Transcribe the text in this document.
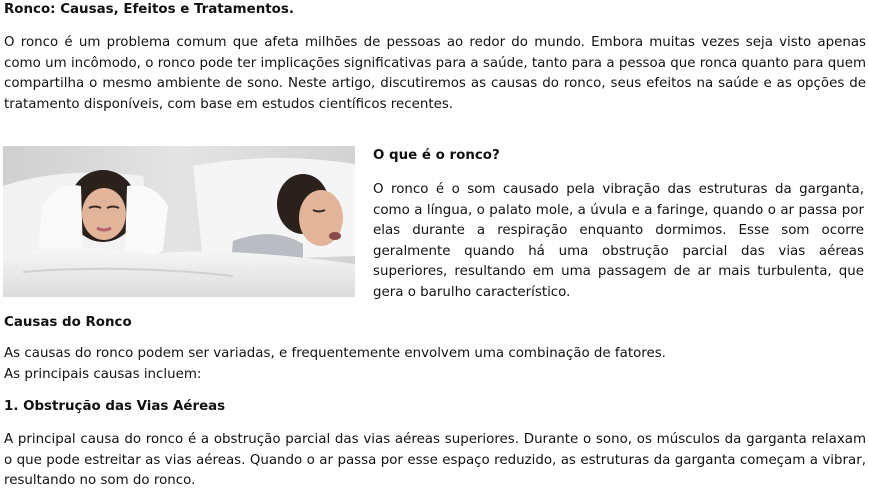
Ronco: Causas, Efeitos e Tratamentos.

O ronco é um problema comum que afeta milhões de pessoas ao redor do mundo. Embora muitas vezes seja visto apenas como um incômodo, o ronco pode ter implicações significativas para a saúde, tanto para a pessoa que ronca quanto para quem compartilha o mesmo ambiente de sono. Neste artigo, discutiremos as causas do ronco, seus efeitos na saúde e as opções de tratamento disponíveis, com base em estudos científicos recentes.

O que é o ronco?

O ronco é o som causado pela vibração das estruturas da garganta, como a língua, o palato mole, a úvula e a faringe, quando o ar passa por elas durante a respiração enquanto dormimos. Esse som ocorre geralmente quando há uma obstrução parcial das vias aéreas superiores, resultando em uma passagem de ar mais turbulenta, que gera o barulho característico.

Causas do Ronco

As causas do ronco podem ser variadas, e frequentemente envolvem uma combinação de fatores.
As principais causas incluem:

1. Obstrução das Vias Aéreas

A principal causa do ronco é a obstrução parcial das vias aéreas superiores. Durante o sono, os músculos da garganta relaxam o que pode estreitar as vias aéreas. Quando o ar passa por esse espaço reduzido, as estruturas da garganta começam a vibrar, resultando no som do ronco.
